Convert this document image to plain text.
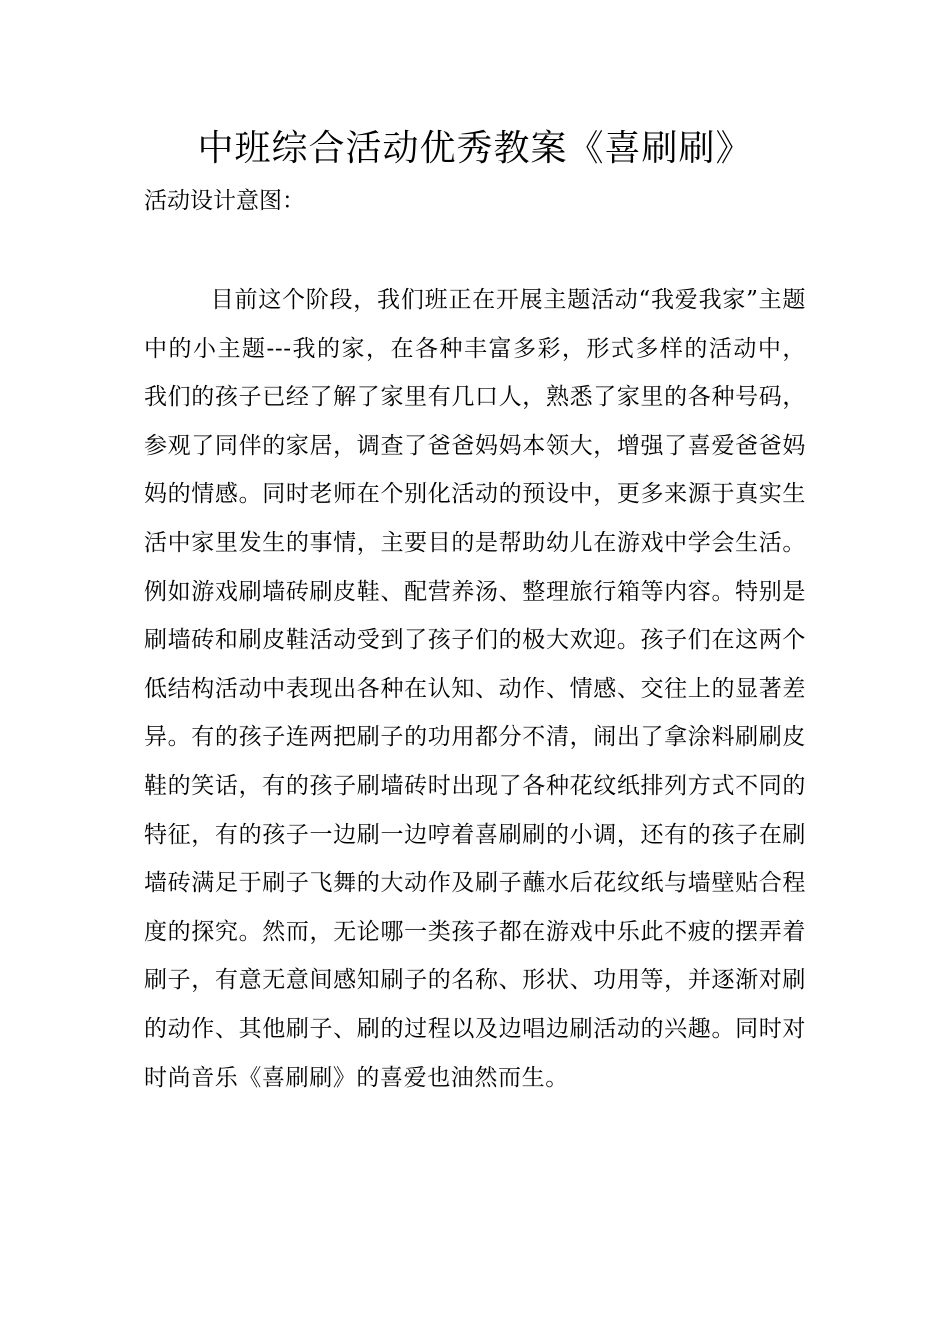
中班综合活动优秀教案《喜刷刷》
活动设计意图：

目前这个阶段，我们班正在开展主题活动“我爱我家”主题中的小主题---我的家，在各种丰富多彩，形式多样的活动中，我们的孩子已经了解了家里有几口人，熟悉了家里的各种号码，参观了同伴的家居，调查了爸爸妈妈本领大，增强了喜爱爸爸妈妈的情感。同时老师在个别化活动的预设中，更多来源于真实生活中家里发生的事情，主要目的是帮助幼儿在游戏中学会生活。例如游戏刷墙砖刷皮鞋、配营养汤、整理旅行箱等内容。特别是刷墙砖和刷皮鞋活动受到了孩子们的极大欢迎。孩子们在这两个低结构活动中表现出各种在认知、动作、情感、交往上的显著差异。有的孩子连两把刷子的功用都分不清，闹出了拿涂料刷刷皮鞋的笑话，有的孩子刷墙砖时出现了各种花纹纸排列方式不同的特征，有的孩子一边刷一边哼着喜刷刷的小调，还有的孩子在刷墙砖满足于刷子飞舞的大动作及刷子蘸水后花纹纸与墙壁贴合程度的探究。然而，无论哪一类孩子都在游戏中乐此不疲的摆弄着刷子，有意无意间感知刷子的名称、形状、功用等，并逐渐对刷的动作、其他刷子、刷的过程以及边唱边刷活动的兴趣。同时对时尚音乐《喜刷刷》的喜爱也油然而生。
